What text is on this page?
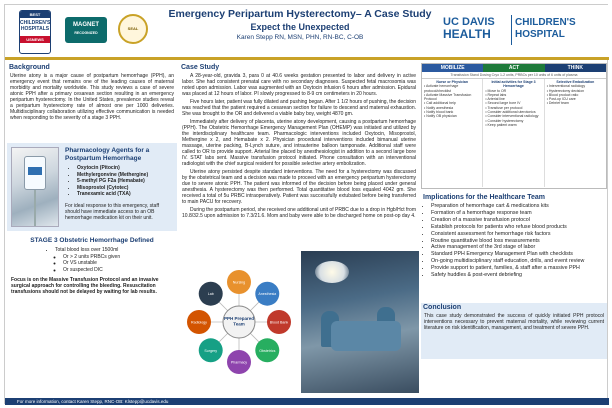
BEST
CHILDREN'S HOSPITALS
USNEWS
MAGNET
RECOGNIZED
SEAL
Emergency Peripartum Hysterectomy– A Case Study
Expect the Unexpected
Karen Stepp RN, MSN, PHN, RN-BC, C-OB
UC DAVIS
HEALTH
CHILDREN'S HOSPITAL
Background
Uterine atony is a major cause of postpartum hemorrhage (PPH), an emergency event that remains one of the leading causes of maternal morbidity and mortality worldwide. This study reviews a case of severe atonic PPH after a primary cesarean section resulting in an emergency peripartum hysterectomy. In the United States, prevalence studies reveal a peripartum hysterectomy rate of almost one per 1000 deliveries. Multidisciplinary collaboration utilizing effective communication is needed when responding to the severity of a stage 3 PPH.
Pharmacology Agents for a Postpartum Hemorrhage
• Oxytocin (Pitocin)
• Methylergonvine (Methergine)
• 5-methyl PG F2a (Hemabate)
• Misoprostol (Cytotec)
• Tranexamic acid (TXA)
For ideal response to this emergency, staff should have immediate access to an OB hemorrhage medication kit on their unit.
STAGE 3 Obstetric Hemorrhage Defined
• Total blood loss over 1500ml
◦ Or > 2 units PRBCs given
◦ Or VS unstable
◦ Or suspected DIC
Focus is on the Massive Transfusion Protocol and an invasive surgical approach for controlling the bleeding. Resuscitation transfusions should not be delayed by waiting for lab results.
Case Study
A 28-year-old, gravida 3, para 0 at 40.6 weeks gestation presented to labor and delivery in active labor. She had consistent prenatal care with no secondary diagnoses. Suspected fetal macrosomia was noted upon admission. Labor was augmented with an Oxytocin infusion 6 hours after admission. Epidural was placed at 12 hours of labor. PI slowly progressed to 8-9 cm centimeters in 20 hours.
Five hours later, patient was fully dilated and pushing began. After 1 1/2 hours of pushing, the decision was reached that the patient required a cesarean section for failure to descend and maternal exhaustion. She was brought to the OR and delivered a viable baby boy, weight 4870 gm.
Immediately after delivery of placenta, uterine atony development, causing a postpartum hemorrhage (PPH). The Obstetric Hemorrhage Emergency Management Plan (OHEMP) was initiated and utilized by the interdisciplinary healthcare team. Pharmacologic interventions included Oxytocin, Misoprostol, Methergine x 2, and Hemabate x 2. Physician procedural interventions included bimanual uterine massage, uterine packing, B-Lynch suture, and intrauterine balloon tamponade. Additional staff were called to OR to provide support. Arterial line placed by anesthesiologist in addition to a second large bore IV. STAT labs sent. Massive transfusion protocol initiated. Phone consultation with an interventional radiologist with the chief surgical resident for possible selective artery embolization.
Uterine atony persisted despite standard interventions. The need for a hysterectomy was discussed by the obstetrical team and a decision was made to proceed with an emergency peripartum hysterectomy due to severe atonic PPH. The patient was informed of the decision before being placed under general anesthesia. A hysterectomy was then performed. Total quantitative blood loss equaled 4042 gm. She received a total of 5u PRBC intraoperatively. Patient was successfully extubated before being transferred to main PACU for recovery.
During the postpartum period, she received one additional unit of PRBC due to a drop in Hgb/Hct from 10.8/32.5 upon admission to 7.3/21.6. Mom and baby were able to be discharged home on post-op day 4.
PPH Prepared Team
Nursing
Anesthesia
Blood Bank
Obstetrics
Pharmacy
Surgery
Radiology
Lab
MOBILIZE	ACT	THINK
Transfusion Stand Dosing Cryo 1-2 units, PRBCs per 10 units of 6 units of plasma
Nurse or Physician
• Activate hemorrhage protocol/checklist
• Activate Massive Transfusion Protocol
• Call additional help
• Notify anesthesia
• Notify blood bank
• Notify OB physician
Initial activities for Stage 3 Hemorrhage
• Move to OR
• Repeat labs
• Arterial line
• Second large bore IV
• Transfuse per protocol
• Consider additional uterotonics
• Consider interventional radiology
• Consider hysterectomy
• Keep patient warm
Selective Embolization
• Interventional radiology
• Hysterectomy decision
• Blood product ratio
• Post-op ICU care
• Debrief team
Implications for the Healthcare Team
• Preparation of hemorrhage cart & medications kits
• Formation of a hemorrhage response team
• Creation of a massive transfusion protocol
• Establish protocols for patients who refuse blood products
• Consistent assessment for hemorrhage risk factors
• Routine quantitative blood loss measurements
• Active management of the 3rd stage of labor
• Standard PPH Emergency Management Plan with checklists
• On-going multidisciplinary staff education, drills, and event review
• Provide support to patient, families, & staff after a massive PPH
• Safety huddles & post-event debriefing
Conclusion
This case study demonstrated the success of quickly initiated PPH protocol interventions necessary to prevent maternal mortality, while reviewing current literature on risk identification, management, and treatment of severe PPH.
For more information, contact Karen Stepp, RNC-OB: Klstepp@ucdavis.edu
